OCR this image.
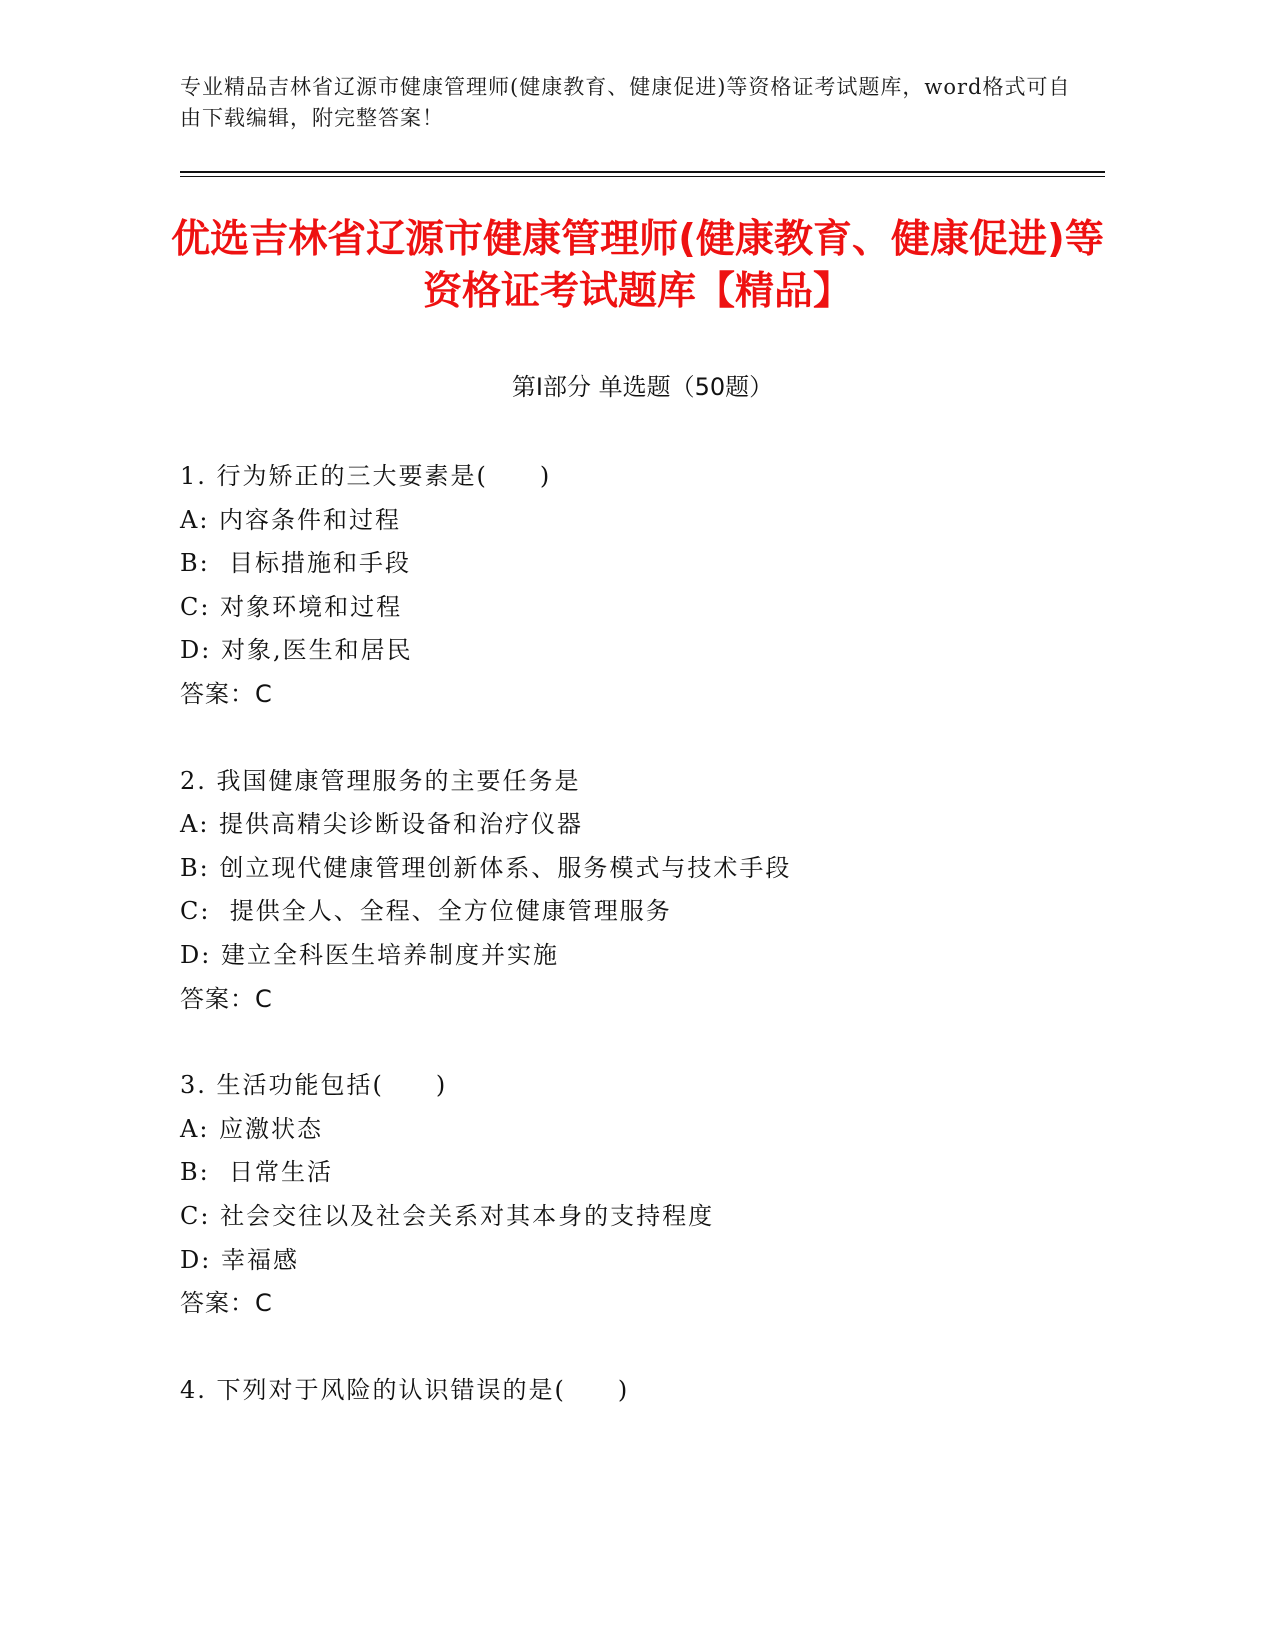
专业精品吉林省辽源市健康管理师(健康教育、健康促进)等资格证考试题库，word格式可自由下载编辑，附完整答案！
优选吉林省辽源市健康管理师(健康教育、健康促进)等资格证考试题库【精品】
第Ⅰ部分 单选题（50题）
1. 行为矫正的三大要素是(　　)
A: 内容条件和过程
B:  目标措施和手段
C: 对象环境和过程
D: 对象,医生和居民
答案：C
2. 我国健康管理服务的主要任务是
A: 提供高精尖诊断设备和治疗仪器
B: 创立现代健康管理创新体系、服务模式与技术手段
C:  提供全人、全程、全方位健康管理服务
D: 建立全科医生培养制度并实施
答案：C
3. 生活功能包括(　　)
A: 应激状态
B:  日常生活
C: 社会交往以及社会关系对其本身的支持程度
D: 幸福感
答案：C
4. 下列对于风险的认识错误的是(　　)
